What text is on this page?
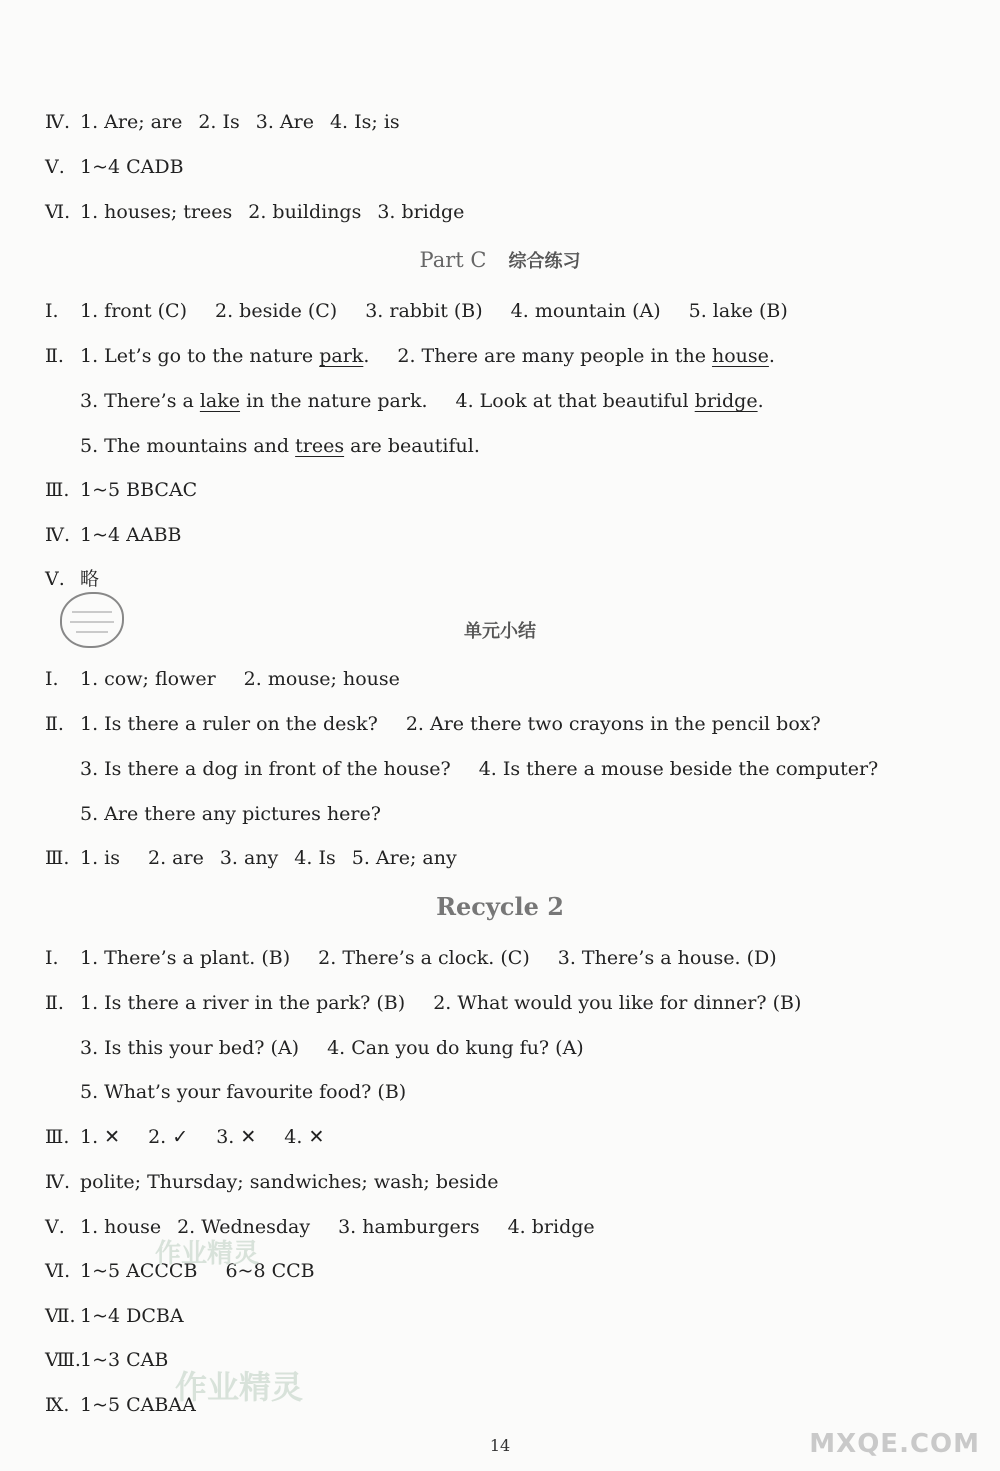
Ⅳ. 1. Are; are 2. Is 3. Are 4. Is; is
Ⅴ. 1~4 CADB
Ⅵ. 1. houses; trees 2. buildings 3. bridge
Part C 综合练习
Ⅰ. 1. front (C) 2. beside (C) 3. rabbit (B) 4. mountain (A) 5. lake (B)
Ⅱ. 1. Let’s go to the nature park. 2. There are many people in the house.
3. There’s a lake in the nature park. 4. Look at that beautiful bridge.
5. The mountains and trees are beautiful.
Ⅲ. 1~5 BBCAC
Ⅳ. 1~4 AABB
Ⅴ. 略
单元小结
Ⅰ. 1. cow; flower 2. mouse; house
Ⅱ. 1. Is there a ruler on the desk? 2. Are there two crayons in the pencil box?
3. Is there a dog in front of the house? 4. Is there a mouse beside the computer?
5. Are there any pictures here?
Ⅲ. 1. is 2. are 3. any 4. Is 5. Are; any
Recycle 2
Ⅰ. 1. There’s a plant. (B) 2. There’s a clock. (C) 3. There’s a house. (D)
Ⅱ. 1. Is there a river in the park? (B) 2. What would you like for dinner? (B)
3. Is this your bed? (A) 4. Can you do kung fu? (A)
5. What’s your favourite food? (B)
Ⅲ. 1. ✕ 2. ✓ 3. ✕ 4. ✕
Ⅳ. polite; Thursday; sandwiches; wash; beside
Ⅴ. 1. house 2. Wednesday 3. hamburgers 4. bridge
Ⅵ. 1~5 ACCCB 6~8 CCB
Ⅶ. 1~4 DCBA
Ⅷ.1~3 CAB
Ⅸ. 1~5 CABAA
作业精灵
作业精灵
14	MXQE.COM
